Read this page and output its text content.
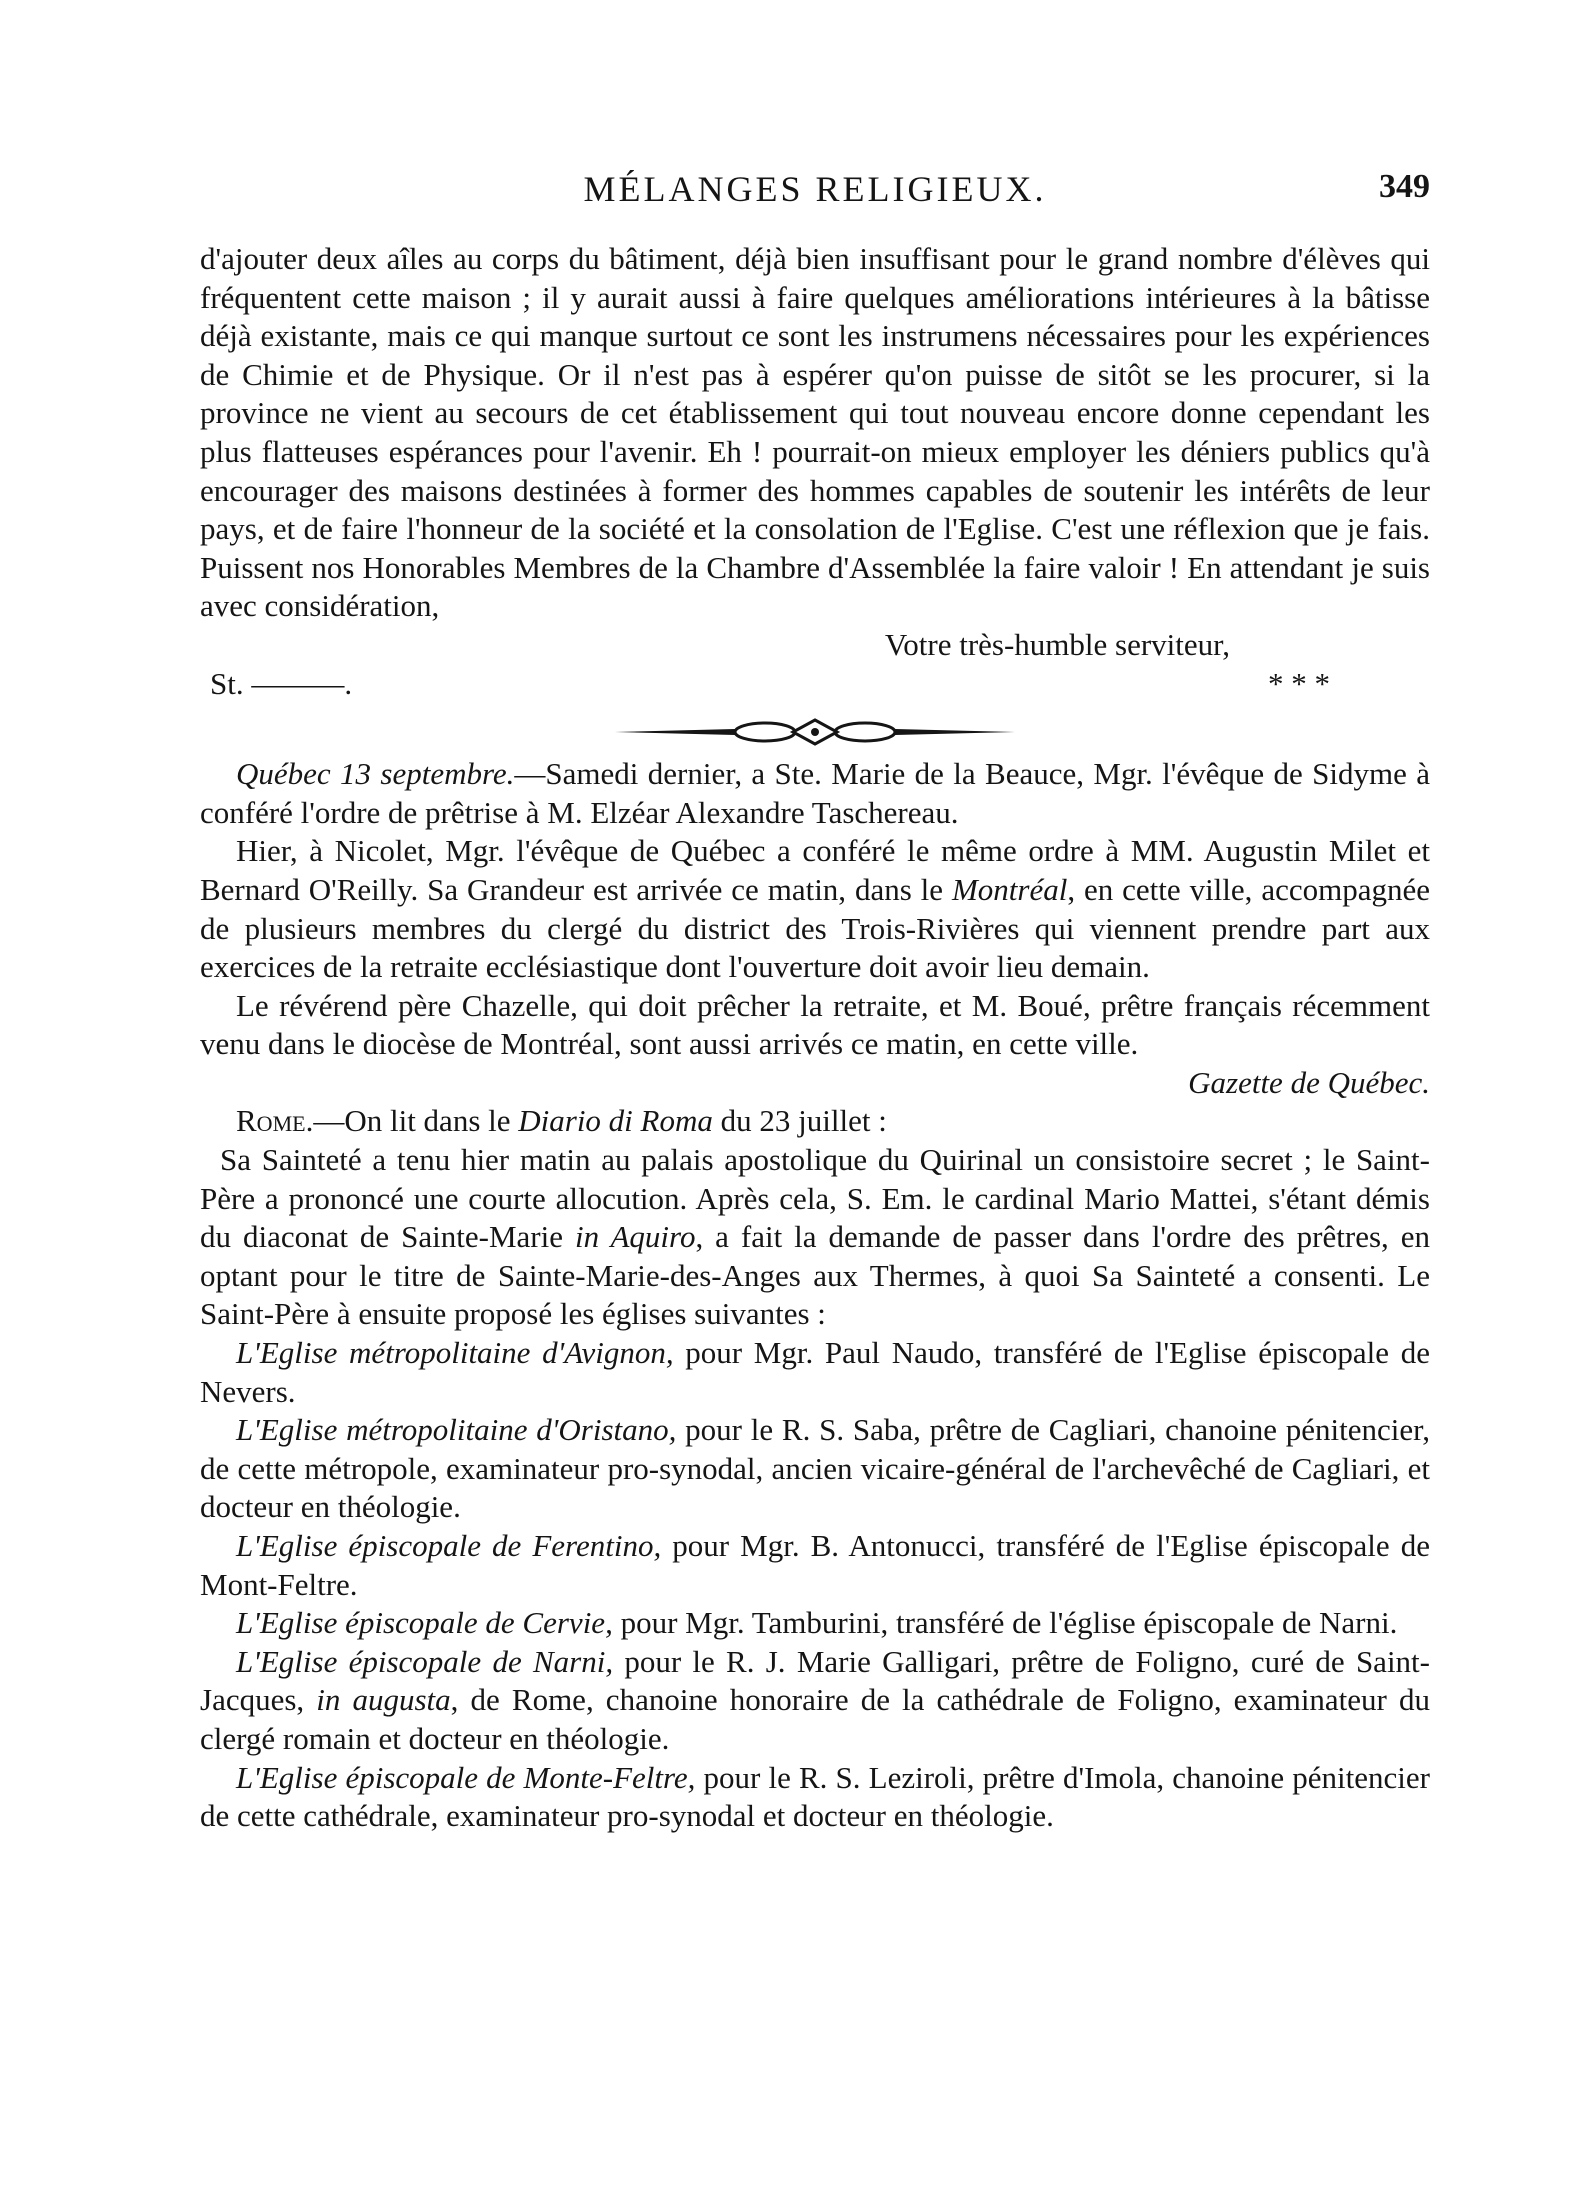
MÉLANGES RELIGIEUX.	349

d'ajouter deux aîles au corps du bâtiment, déjà bien insuffisant pour le grand nombre d'élèves qui fréquentent cette maison ; il y aurait aussi à faire quelques améliorations intérieures à la bâtisse déjà existante, mais ce qui manque surtout ce sont les instrumens nécessaires pour les expériences de Chimie et de Physique. Or il n'est pas à espérer qu'on puisse de sitôt se les procurer, si la province ne vient au secours de cet établissement qui tout nouveau encore donne cependant les plus flatteuses espérances pour l'avenir. Eh ! pourrait-on mieux employer les déniers publics qu'à encourager des maisons destinées à former des hommes capables de soutenir les intérêts de leur pays, et de faire l'honneur de la société et la consolation de l'Eglise. C'est une réflexion que je fais. Puissent nos Honorables Membres de la Chambre d'Assemblée la faire valoir ! En attendant je suis avec considération,

Votre très-humble serviteur,
St. ———.	* * *

Québec 13 septembre.—Samedi dernier, a Ste. Marie de la Beauce, Mgr. l'évêque de Sidyme à conféré l'ordre de prêtrise à M. Elzéar Alexandre Taschereau.

Hier, à Nicolet, Mgr. l'évêque de Québec a conféré le même ordre à MM. Augustin Milet et Bernard O'Reilly. Sa Grandeur est arrivée ce matin, dans le Montréal, en cette ville, accompagnée de plusieurs membres du clergé du district des Trois-Rivières qui viennent prendre part aux exercices de la retraite ecclésiastique dont l'ouverture doit avoir lieu demain.

Le révérend père Chazelle, qui doit prêcher la retraite, et M. Boué, prêtre français récemment venu dans le diocèse de Montréal, sont aussi arrivés ce matin, en cette ville.
Gazette de Québec.

Rome.—On lit dans le Diario di Roma du 23 juillet :

Sa Sainteté a tenu hier matin au palais apostolique du Quirinal un consistoire secret ; le Saint-Père a prononcé une courte allocution. Après cela, S. Em. le cardinal Mario Mattei, s'étant démis du diaconat de Sainte-Marie in Aquiro, a fait la demande de passer dans l'ordre des prêtres, en optant pour le titre de Sainte-Marie-des-Anges aux Thermes, à quoi Sa Sainteté a consenti. Le Saint-Père à ensuite proposé les églises suivantes :

L'Eglise métropolitaine d'Avignon, pour Mgr. Paul Naudo, transféré de l'Eglise épiscopale de Nevers.

L'Eglise métropolitaine d'Oristano, pour le R. S. Saba, prêtre de Cagliari, chanoine pénitencier, de cette métropole, examinateur pro-synodal, ancien vicaire-général de l'archevêché de Cagliari, et docteur en théologie.

L'Eglise épiscopale de Ferentino, pour Mgr. B. Antonucci, transféré de l'Eglise épiscopale de Mont-Feltre.

L'Eglise épiscopale de Cervie, pour Mgr. Tamburini, transféré de l'église épiscopale de Narni.

L'Eglise épiscopale de Narni, pour le R. J. Marie Galligari, prêtre de Foligno, curé de Saint-Jacques, in augusta, de Rome, chanoine honoraire de la cathédrale de Foligno, examinateur du clergé romain et docteur en théologie.

L'Eglise épiscopale de Monte-Feltre, pour le R. S. Leziroli, prêtre d'Imola, chanoine pénitencier de cette cathédrale, examinateur pro-synodal et docteur en théologie.
